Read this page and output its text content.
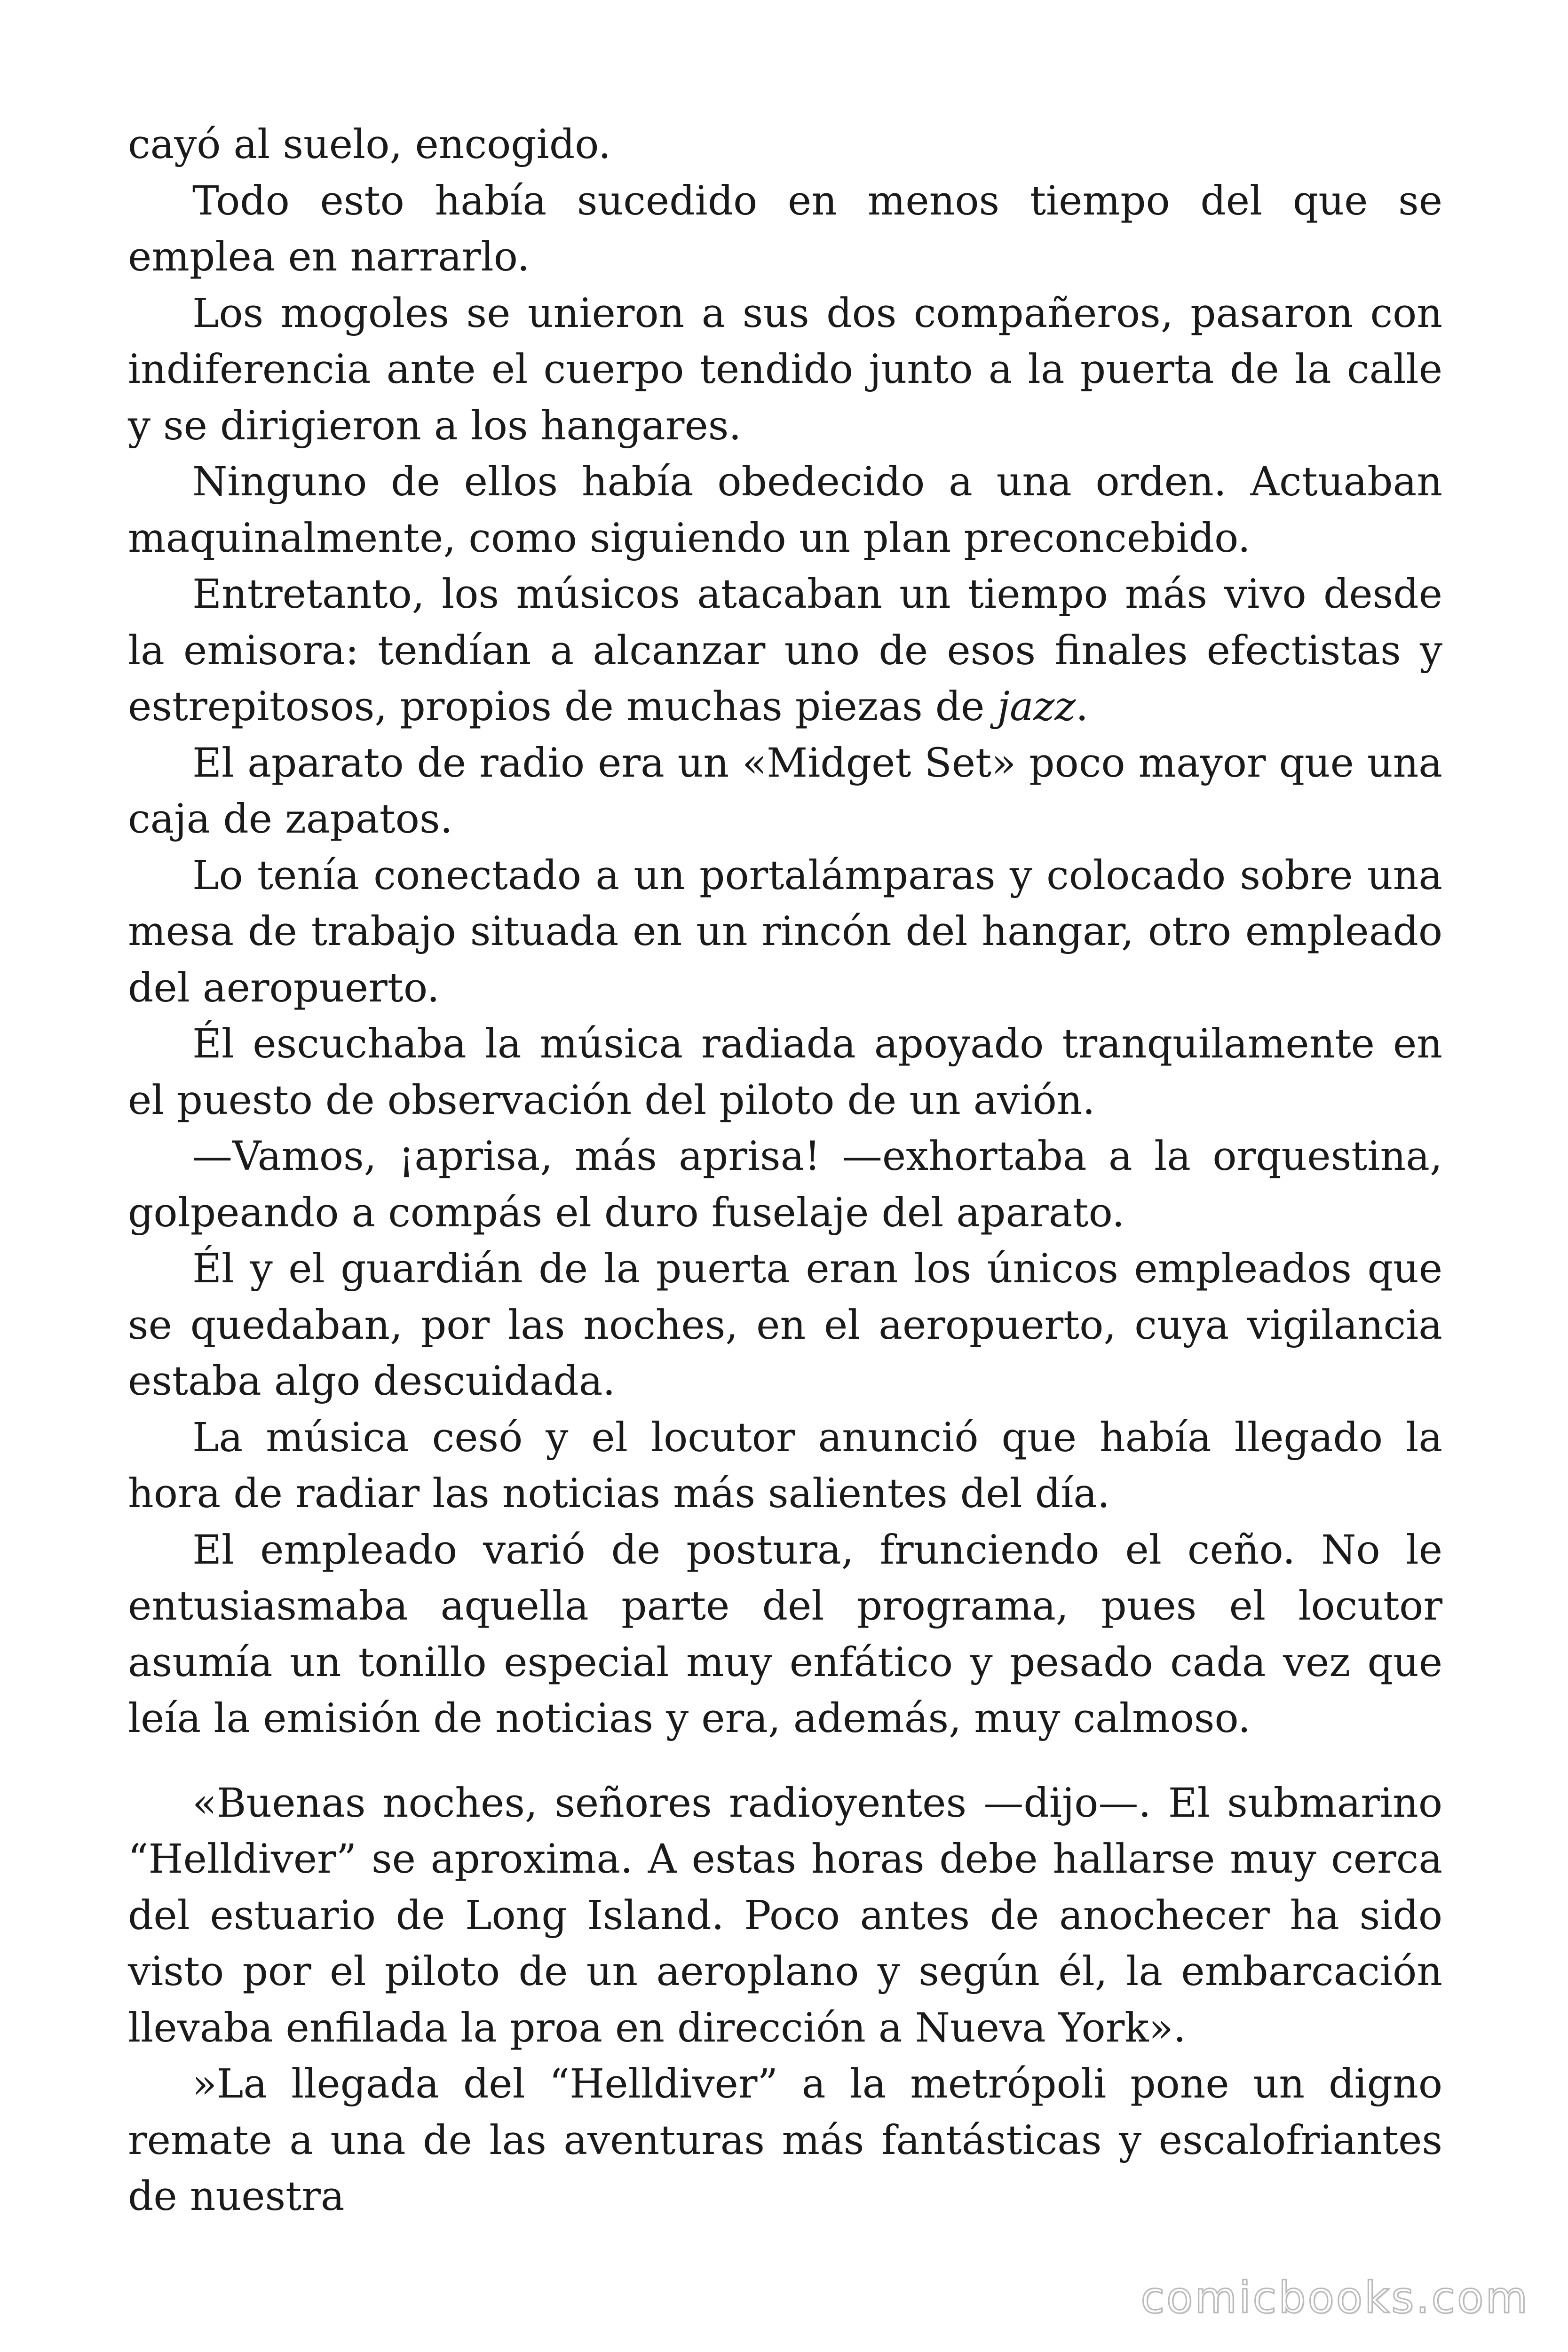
cayó al suelo, encogido.

Todo esto había sucedido en menos tiempo del que se emplea en narrarlo.

Los mogoles se unieron a sus dos compañeros, pasaron con indiferencia ante el cuerpo tendido junto a la puerta de la calle y se dirigieron a los hangares.

Ninguno de ellos había obedecido a una orden. Actuaban maquinalmente, como siguiendo un plan preconcebido.

Entretanto, los músicos atacaban un tiempo más vivo desde la emisora: tendían a alcanzar uno de esos finales efectistas y estrepitosos, propios de muchas piezas de jazz.

El aparato de radio era un «Midget Set» poco mayor que una caja de zapatos.

Lo tenía conectado a un portalámparas y colocado sobre una mesa de trabajo situada en un rincón del hangar, otro empleado del aeropuerto.

Él escuchaba la música radiada apoyado tranquilamente en el puesto de observación del piloto de un avión.

—Vamos, ¡aprisa, más aprisa! —exhortaba a la orquestina, golpeando a compás el duro fuselaje del aparato.

Él y el guardián de la puerta eran los únicos empleados que se quedaban, por las noches, en el aeropuerto, cuya vigilancia estaba algo descuidada.

La música cesó y el locutor anunció que había llegado la hora de radiar las noticias más salientes del día.

El empleado varió de postura, frunciendo el ceño. No le entusiasmaba aquella parte del programa, pues el locutor asumía un tonillo especial muy enfático y pesado cada vez que leía la emisión de noticias y era, además, muy calmoso.

«Buenas noches, señores radioyentes —dijo—. El submarino “Helldiver” se aproxima. A estas horas debe hallarse muy cerca del estuario de Long Island. Poco antes de anochecer ha sido visto por el piloto de un aeroplano y según él, la embarcación llevaba enfilada la proa en dirección a Nueva York».

»La llegada del “Helldiver” a la metrópoli pone un digno remate a una de las aventuras más fantásticas y escalofriantes de nuestra

comicbooks.com
